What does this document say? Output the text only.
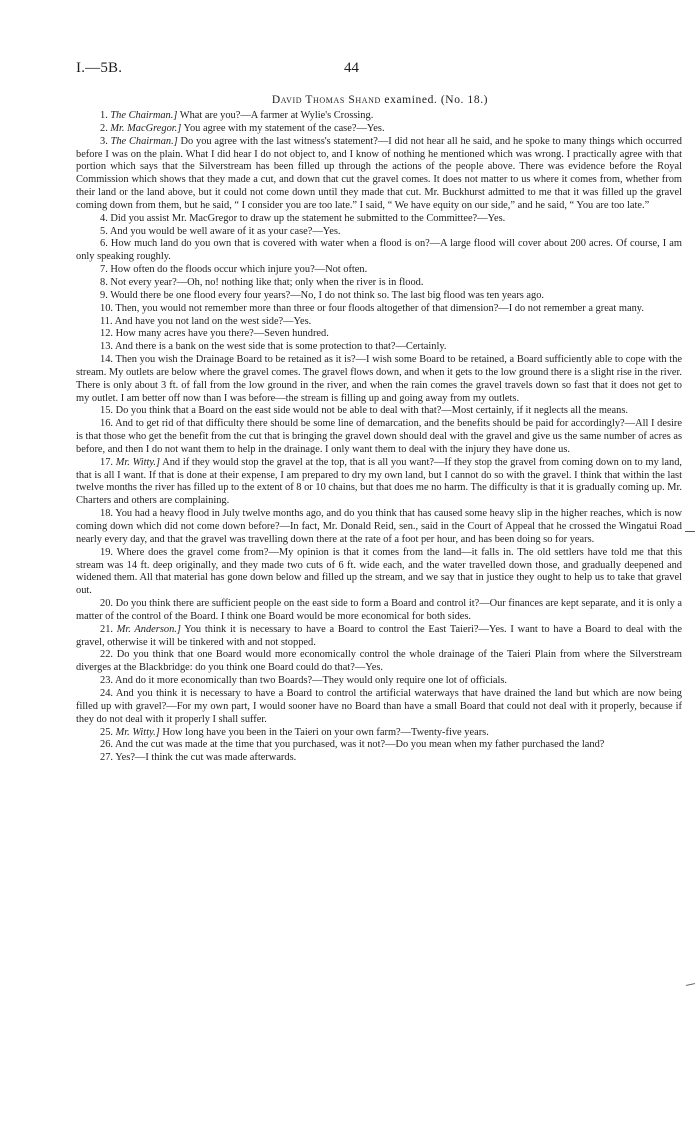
I.—5B.	44
David Thomas Shand examined. (No. 18.)

1. The Chairman.] What are you?—A farmer at Wylie's Crossing.

2. Mr. MacGregor.] You agree with my statement of the case?—Yes.

3. The Chairman.] Do you agree with the last witness's statement?—I did not hear all he said, and he spoke to many things which occurred before I was on the plain. What I did hear I do not object to, and I know of nothing he mentioned which was wrong. I practically agree with that portion which says that the Silverstream has been filled up through the actions of the people above. There was evidence before the Royal Commission which shows that they made a cut, and down that cut the gravel comes. It does not matter to us where it comes from, whether from their land or the land above, but it could not come down until they made that cut. Mr. Buckhurst admitted to me that it was filled up the gravel coming down from them, but he said, “ I consider you are too late.” I said, “ We have equity on our side,” and he said, “ You are too late.”

4. Did you assist Mr. MacGregor to draw up the statement he submitted to the Committee?—Yes.

5. And you would be well aware of it as your case?—Yes.

6. How much land do you own that is covered with water when a flood is on?—A large flood will cover about 200 acres. Of course, I am only speaking roughly.

7. How often do the floods occur which injure you?—Not often.

8. Not every year?—Oh, no! nothing like that; only when the river is in flood.

9. Would there be one flood every four years?—No, I do not think so. The last big flood was ten years ago.

10. Then, you would not remember more than three or four floods altogether of that dimension?—I do not remember a great many.

11. And have you not land on the west side?—Yes.

12. How many acres have you there?—Seven hundred.

13. And there is a bank on the west side that is some protection to that?—Certainly.

14. Then you wish the Drainage Board to be retained as it is?—I wish some Board to be retained, a Board sufficiently able to cope with the stream. My outlets are below where the gravel comes. The gravel flows down, and when it gets to the low ground there is a slight rise in the river. There is only about 3 ft. of fall from the low ground in the river, and when the rain comes the gravel travels down so fast that it does not get to my outlet. I am better off now than I was before—the stream is filling up and going away from my outlets.

15. Do you think that a Board on the east side would not be able to deal with that?—Most certainly, if it neglects all the means.

16. And to get rid of that difficulty there should be some line of demarcation, and the benefits should be paid for accordingly?—All I desire is that those who get the benefit from the cut that is bringing the gravel down should deal with the gravel and give us the same number of acres as before, and then I do not want them to help in the drainage. I only want them to deal with the injury they have done us.

17. Mr. Witty.] And if they would stop the gravel at the top, that is all you want?—If they stop the gravel from coming down on to my land, that is all I want. If that is done at their expense, I am prepared to dry my own land, but I cannot do so with the gravel. I think that within the last twelve months the river has filled up to the extent of 8 or 10 chains, but that does me no harm. The difficulty is that it is gradually coming up. Mr. Charters and others are complaining.

18. You had a heavy flood in July twelve months ago, and do you think that has caused some heavy slip in the higher reaches, which is now coming down which did not come down before?—In fact, Mr. Donald Reid, sen., said in the Court of Appeal that he crossed the Wingatui Road nearly every day, and that the gravel was travelling down there at the rate of a foot per hour, and has been doing so for years.

19. Where does the gravel come from?—My opinion is that it comes from the land—it falls in. The old settlers have told me that this stream was 14 ft. deep originally, and they made two cuts of 6 ft. wide each, and the water travelled down those, and gradually deepened and widened them. All that material has gone down below and filled up the stream, and we say that in justice they ought to help us to take that gravel out.

20. Do you think there are sufficient people on the east side to form a Board and control it?—Our finances are kept separate, and it is only a matter of the control of the Board. I think one Board would be more economical for both sides.

21. Mr. Anderson.] You think it is necessary to have a Board to control the East Taieri?—Yes. I want to have a Board to deal with the gravel, otherwise it will be tinkered with and not stopped.

22. Do you think that one Board would more economically control the whole drainage of the Taieri Plain from where the Silverstream diverges at the Blackbridge: do you think one Board could do that?—Yes.

23. And do it more economically than two Boards?—They would only require one lot of officials.

24. And you think it is necessary to have a Board to control the artificial waterways that have drained the land but which are now being filled up with gravel?—For my own part, I would sooner have no Board than have a small Board that could not deal with it properly, because if they do not deal with it properly I shall suffer.

25. Mr. Witty.] How long have you been in the Taieri on your own farm?—Twenty-five years.

26. And the cut was made at the time that you purchased, was it not?—Do you mean when my father purchased the land?

27. Yes?—I think the cut was made afterwards.
